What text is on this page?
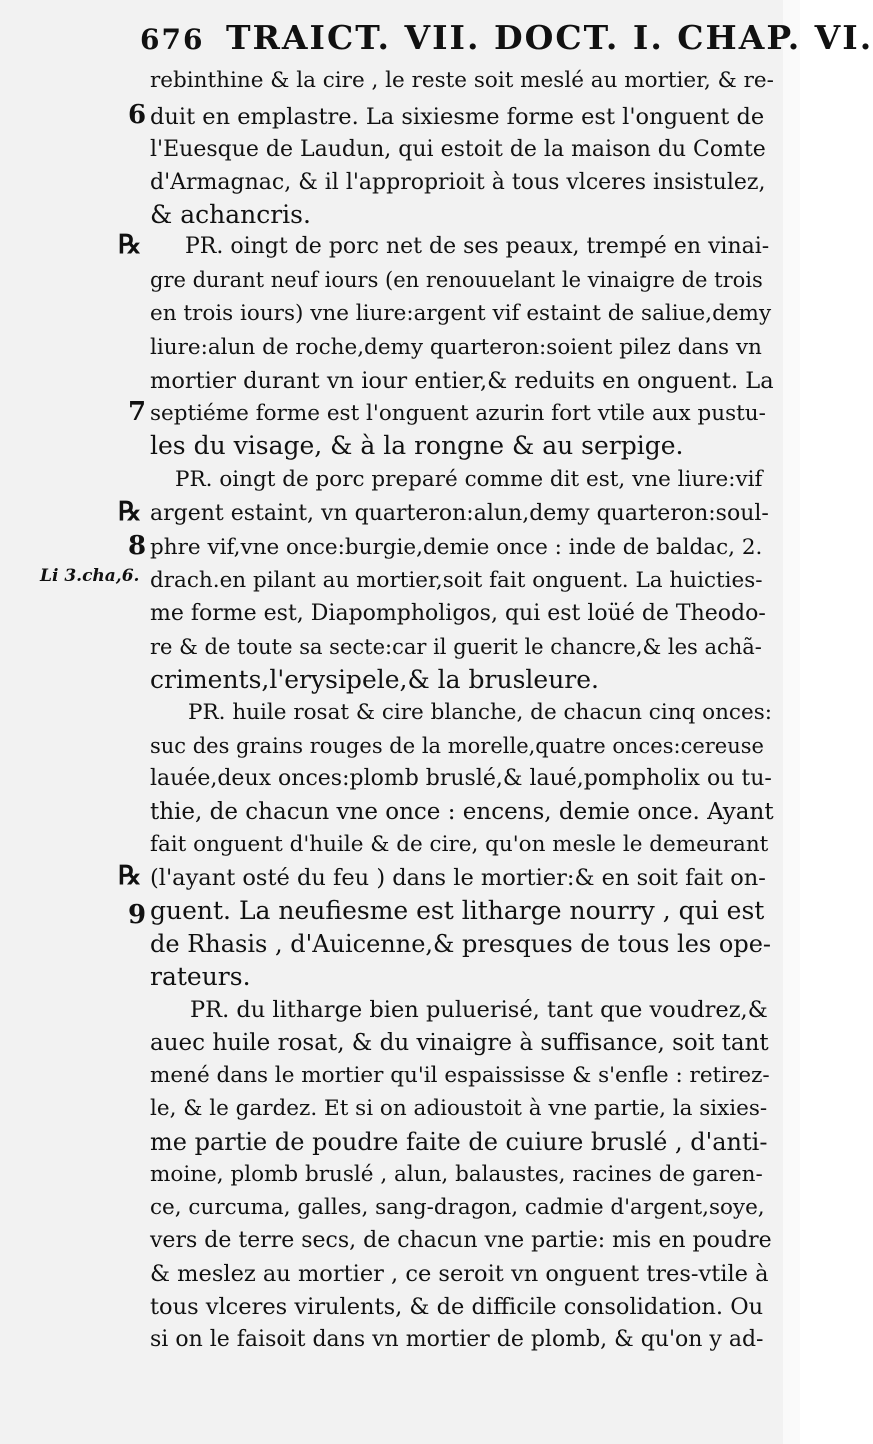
676 TRAICT. VII. DOCT. I. CHAP. VI.
rebinthine & la cire , le reste soit meslé au mortier, & re-
duit en emplastre. La sixiesme forme est l'onguent de
l'Euesque de Laudun, qui estoit de la maison du Comte
d'Armagnac, & il l'approprioit à tous vlceres insistulez,
& achancris.
PR. oingt de porc net de ses peaux, trempé en vinai-
gre durant neuf iours (en renouuelant le vinaigre de trois
en trois iours) vne liure:argent vif estaint de saliue,demy
liure:alun de roche,demy quarteron:soient pilez dans vn
mortier durant vn iour entier,& reduits en onguent. La
septiéme forme est l'onguent azurin fort vtile aux pustu-
les du visage, & à la rongne & au serpige.
PR. oingt de porc preparé comme dit est, vne liure:vif
argent estaint, vn quarteron:alun,demy quarteron:soul-
phre vif,vne once:burgie,demie once : inde de baldac, 2.
drach.en pilant au mortier,soit fait onguent. La huicties-
me forme est, Diapompholigos, qui est loüé de Theodo-
re & de toute sa secte:car il guerit le chancre,& les achã-
criments,l'erysipele,& la brusleure.
PR. huile rosat & cire blanche, de chacun cinq onces:
suc des grains rouges de la morelle,quatre onces:cereuse
lauée,deux onces:plomb bruslé,& laué,pompholix ou tu-
thie, de chacun vne once : encens, demie once. Ayant
fait onguent d'huile & de cire, qu'on mesle le demeurant
(l'ayant osté du feu ) dans le mortier:& en soit fait on-
guent. La neufiesme est litharge nourry , qui est
de Rhasis , d'Auicenne,& presques de tous les ope-
rateurs.
PR. du litharge bien puluerisé, tant que voudrez,&
auec huile rosat, & du vinaigre à suffisance, soit tant
mené dans le mortier qu'il espaississe & s'enfle : retirez-
le, & le gardez. Et si on adioustoit à vne partie, la sixies-
me partie de poudre faite de cuiure bruslé , d'anti-
moine, plomb bruslé , alun, balaustes, racines de garen-
ce, curcuma, galles, sang-dragon, cadmie d'argent,soye,
vers de terre secs, de chacun vne partie: mis en poudre
& meslez au mortier , ce seroit vn onguent tres-vtile à
tous vlceres virulents, & de difficile consolidation. Ou
si on le faisoit dans vn mortier de plomb, & qu'on y ad-
6
7
8
9
Li 3.cha,6.
℞
℞
℞
